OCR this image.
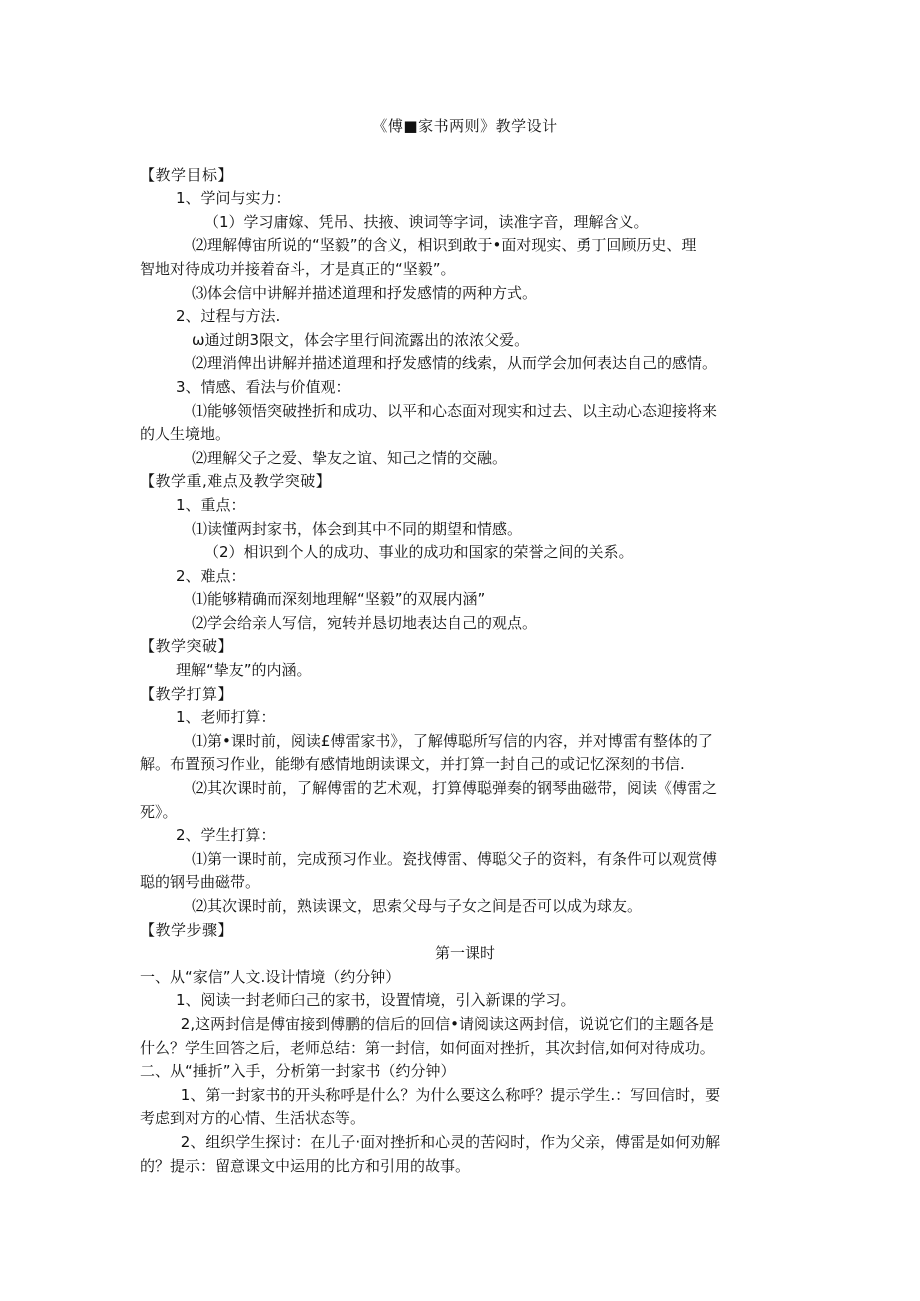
《傅■家书两则》教学设计

【教学目标】

1、学问与实力：

（1）学习庸嫁、凭吊、扶掖、谀词等字词，读准字音，理解含义。

⑵理解傅宙所说的“坚毅”的含义，相识到敢于•面对现实、勇丁回顾历史、理

智地对待成功并接着奋斗，才是真正的“坚毅”。

⑶体会信中讲解并描述道理和抒发感情的两种方式。

2、过程与方法.

ω通过朗3限文，体会字里行间流露出的浓浓父爱。

⑵理消俾出讲解并描述道理和抒发感情的线索，从而学会加何表达自己的感情。

3、情感、看法与价值观：

⑴能够领悟突破挫折和成功、以平和心态面对现实和过去、以主动心态迎接将来

的人生境地。

⑵理解父子之爱、挚友之谊、知己之情的交融。

【教学重,难点及教学突破】

1、重点：

⑴读懂两封家书，体会到其中不同的期望和情感。

（2）相识到个人的成功、事业的成功和国家的荣誉之间的关系。

2、难点：

⑴能够精确而深刻地理解“坚毅”的双展内涵”

⑵学会给亲人写信，宛转并恳切地表达自己的观点。

【教学突破】

理解“挚友”的内涵。

【教学打算】

1、老师打算：

⑴第•课时前，阅读£傅雷家书》，了解傅聪所写信的内容，并对博雷有整体的了

解。布置预习作业，能缈有感情地朗读课文，并打算一封自己的或记忆深刻的书信.

⑵其次课时前，了解傅雷的艺术观，打算傅聪弹奏的钢琴曲磁带，阅读《傅雷之

死》。

2、学生打算：

⑴第一课时前，完成预习作业。瓷找傅雷、傅聪父子的资料，有条件可以观赏傅

聪的钢号曲磁带。

⑵其次课时前，熟读课文，思索父母与子女之间是否可以成为球友。

【教学步骤】

第一课时

一、从“家信”人文.设计情境（约分钟）

1、阅读一封老师臼己的家书，设置情境，引入新课的学习。

2,这两封信是傅宙接到傅鹏的信后的回信•请阅读这两封信，说说它们的主题各是

什么？学生回答之后，老师总结：第一封信，如何面对挫折，其次封信,如何对待成功。

二、从“捶折”入手，分析第一封家书（约分钟）

1、第一封家书的开头称呼是什么？为什么要这么称呼？提示学生.：写回信时，要

考虑到对方的心情、生活状态等。

2、组织学生探讨：在儿子·面对挫折和心灵的苦闷时，作为父亲，傅雷是如何劝解

的？提示：留意课文中运用的比方和引用的故事。
